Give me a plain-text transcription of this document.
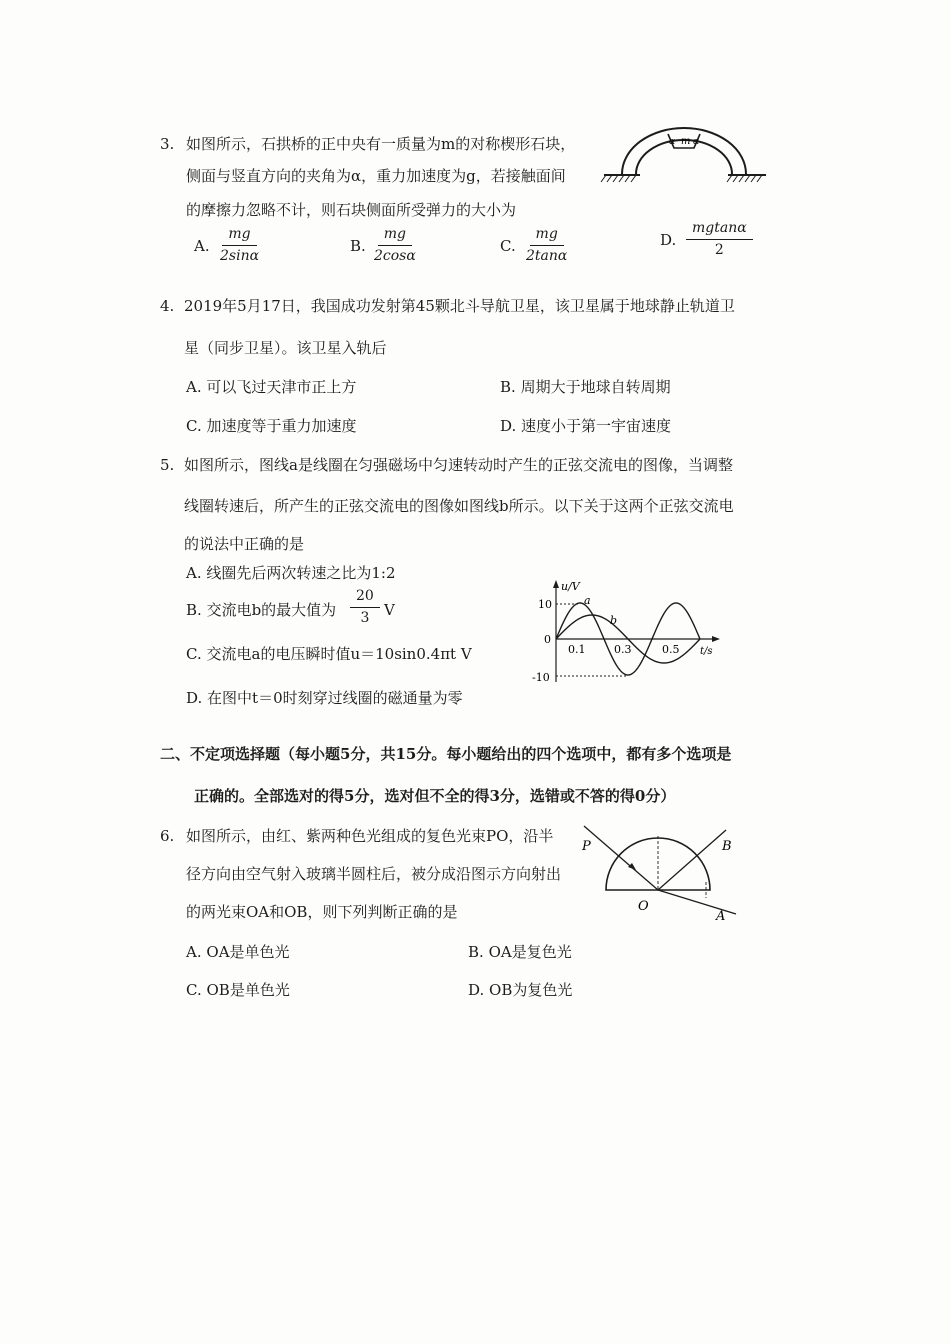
3. 如图所示，石拱桥的正中央有一质量为m的对称楔形石块，
侧面与竖直方向的夹角为α，重力加速度为g，若接触面间
的摩擦力忽略不计，则石块侧面所受弹力的大小为
α m α
A. $\frac{mg}{2\sin\alpha}$	B. $\frac{mg}{2\cos\alpha}$	C. $\frac{mg}{2\tan\alpha}$	D. $\frac{mgtan\alpha}{2}$
4. 2019年5月17日，我国成功发射第45颗北斗导航卫星，该卫星属于地球静止轨道卫
星（同步卫星）。该卫星入轨后
A. 可以飞过天津市正上方	B. 周期大于地球自转周期
C. 加速度等于重力加速度	D. 速度小于第一宇宙速度
5. 如图所示，图线a是线圈在匀强磁场中匀速转动时产生的正弦交流电的图像，当调整
线圈转速后，所产生的正弦交流电的图像如图线b所示。以下关于这两个正弦交流电
的说法中正确的是
A. 线圈先后两次转速之比为1:2
B. 交流电b的最大值为 $\frac{20}{3}$ V
C. 交流电a的电压瞬时值u＝10sin0.4πt V
D. 在图中t＝0时刻穿过线圈的磁通量为零
u/V
t/s
10
0
-10
0.1	0.3	0.5
a
b
二、不定项选择题（每小题5分，共15分。每小题给出的四个选项中，都有多个选项是
正确的。全部选对的得5分，选对但不全的得3分，选错或不答的得0分）
6. 如图所示，由红、紫两种色光组成的复色光束PO，沿半
径方向由空气射入玻璃半圆柱后，被分成沿图示方向射出
的两光束OA和OB，则下列判断正确的是
P	B
O
A
A. OA是单色光	B. OA是复色光
C. OB是单色光	D. OB为复色光
